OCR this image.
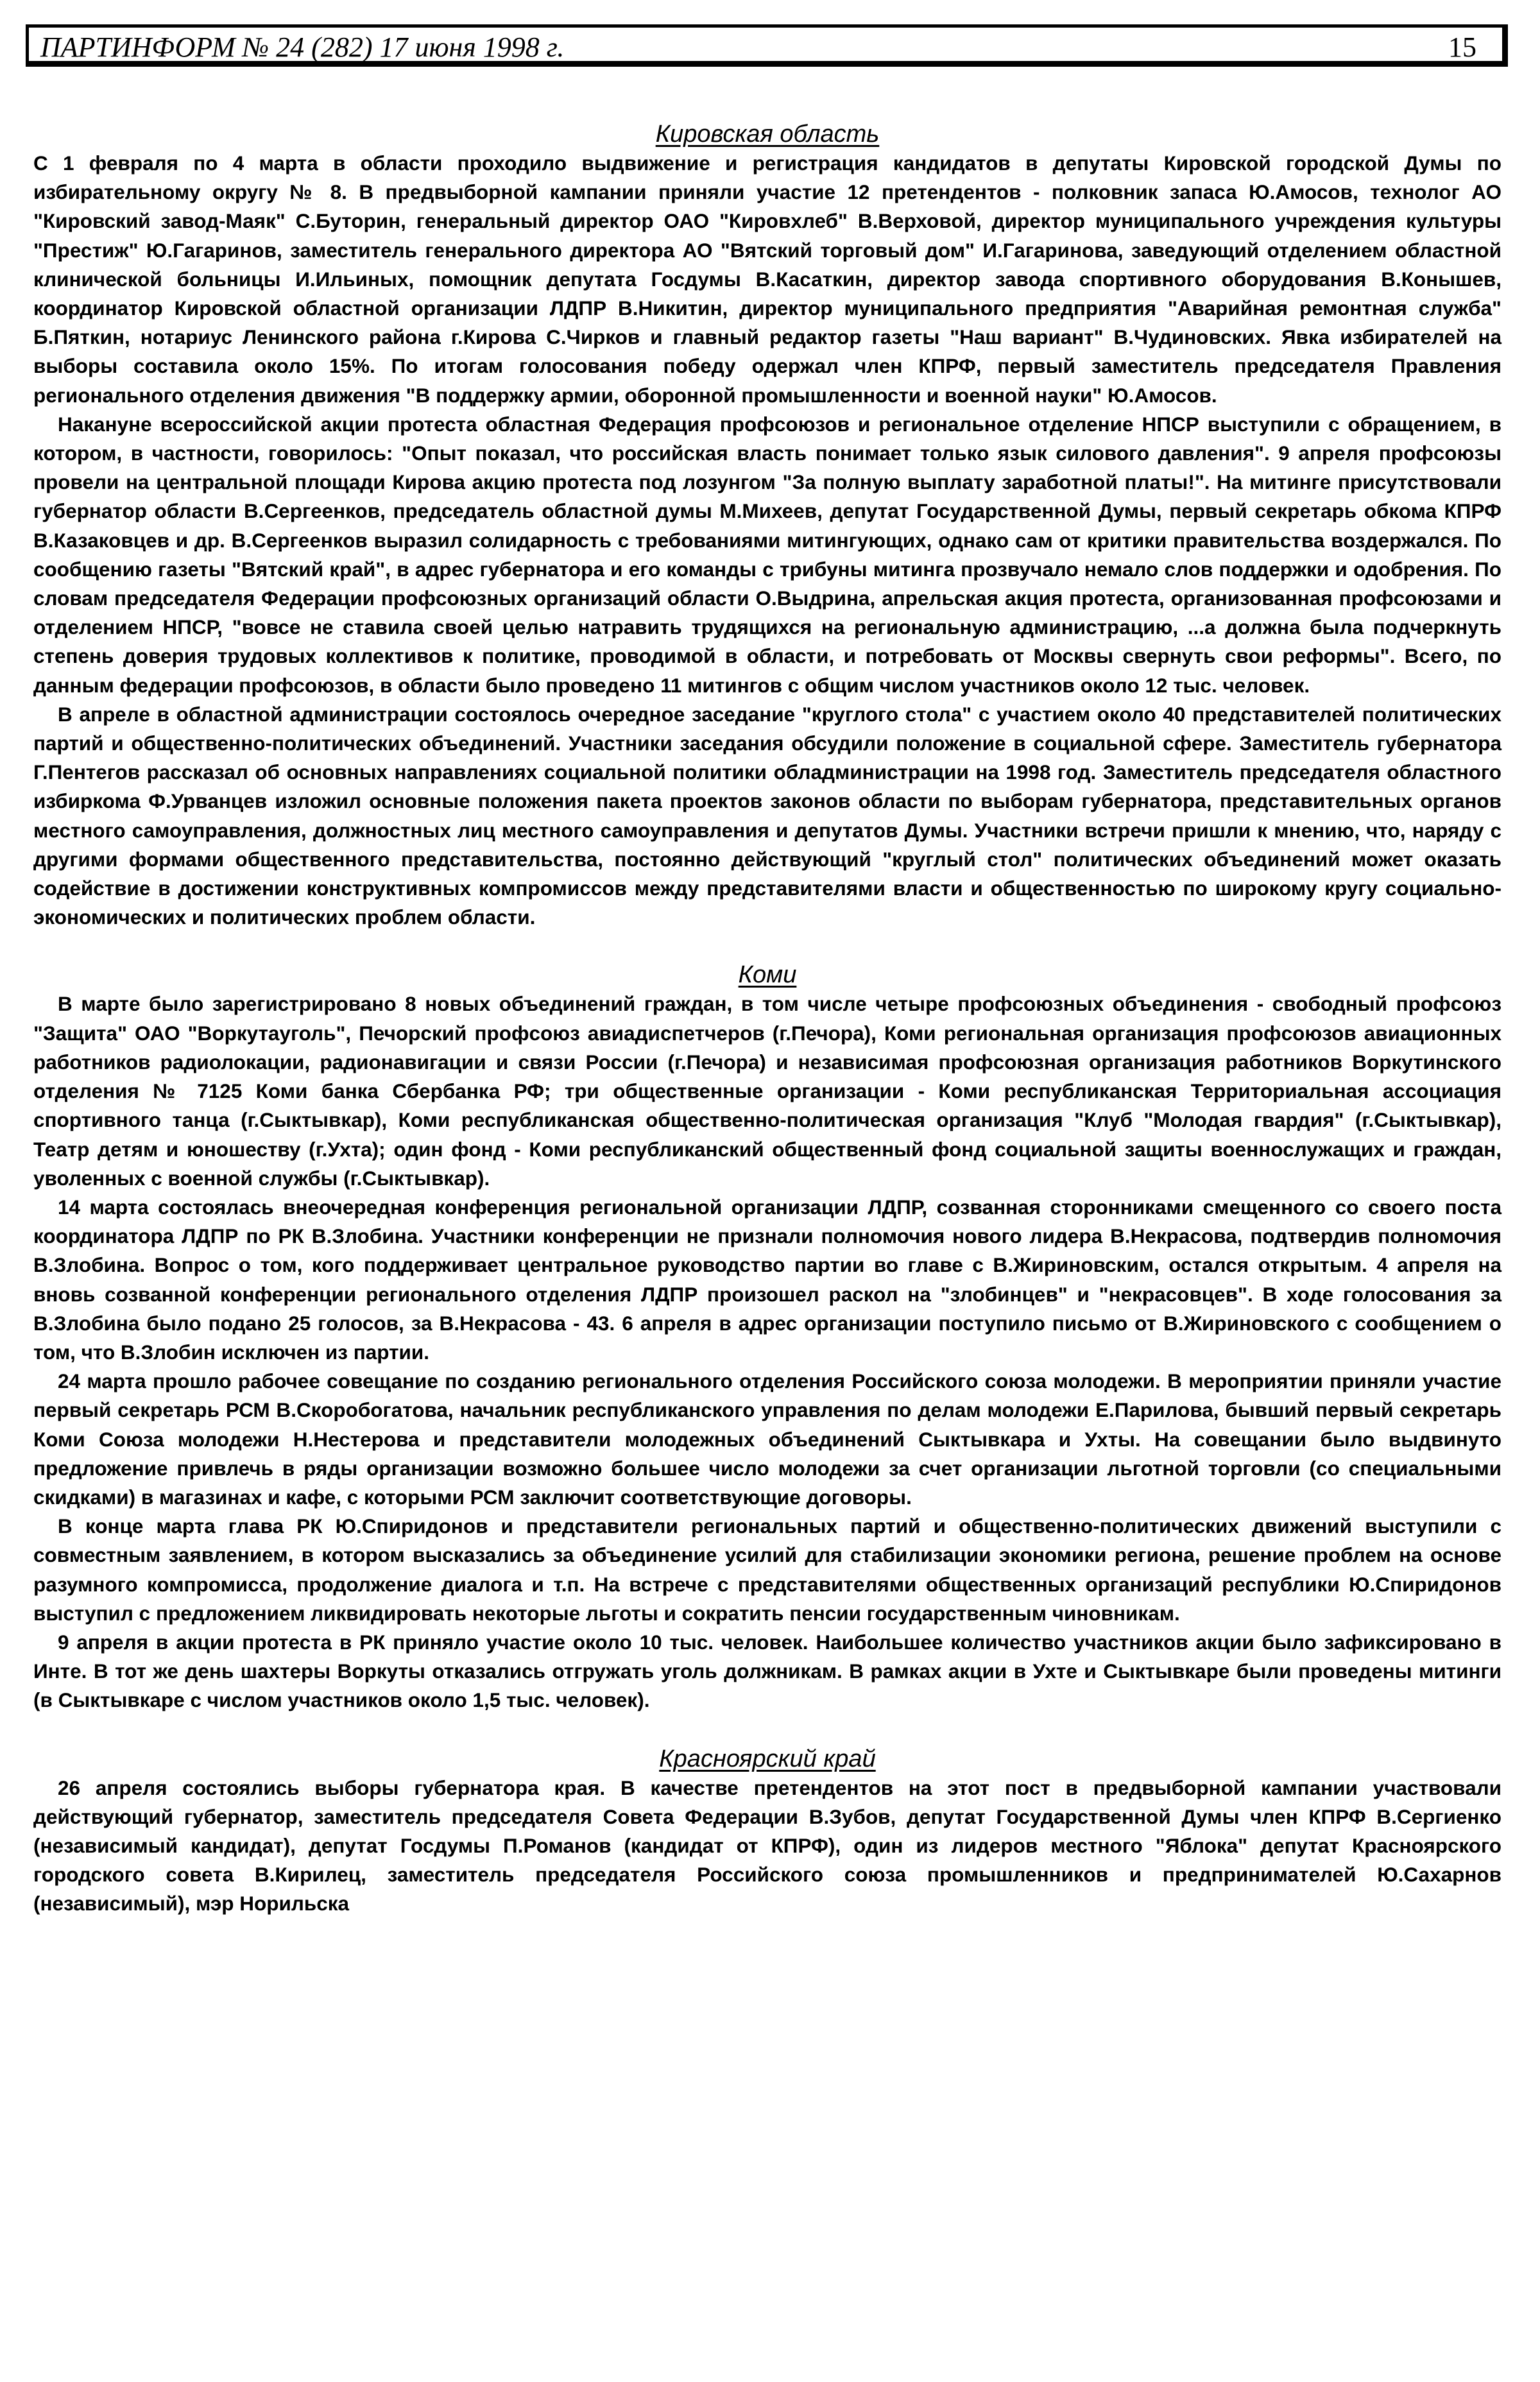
ПАРТИНФОРМ № 24 (282) 17 июня 1998 г.	15
Кировская область

С 1 февраля по 4 марта в области проходило выдвижение и регистрация кандидатов в депутаты Кировской городской Думы по избирательному округу № 8. В предвыборной кампании приняли участие 12 претендентов - полковник запаса Ю.Амосов, технолог АО "Кировский завод-Маяк" С.Буторин, генеральный директор ОАО "Кировхлеб" В.Верховой, директор муниципального учреждения культуры "Престиж" Ю.Гагаринов, заместитель генерального директора АО "Вятский торговый дом" И.Гагаринова, заведующий отделением областной клинической больницы И.Ильиных, помощник депутата Госдумы В.Касаткин, директор завода спортивного оборудования В.Конышев, координатор Кировской областной организации ЛДПР В.Никитин, директор муниципального предприятия "Аварийная ремонтная служба" Б.Пяткин, нотариус Ленинского района г.Кирова С.Чирков и главный редактор газеты "Наш вариант" В.Чудиновских. Явка избирателей на выборы составила около 15%. По итогам голосования победу одержал член КПРФ, первый заместитель председателя Правления регионального отделения движения "В поддержку армии, оборонной промышленности и военной науки" Ю.Амосов.

Накануне всероссийской акции протеста областная Федерация профсоюзов и региональное отделение НПСР выступили с обращением, в котором, в частности, говорилось: "Опыт показал, что российская власть понимает только язык силового давления". 9 апреля профсоюзы провели на центральной площади Кирова акцию протеста под лозунгом "За полную выплату заработной платы!". На митинге присутствовали губернатор области В.Сергеенков, председатель областной думы М.Михеев, депутат Государственной Думы, первый секретарь обкома КПРФ В.Казаковцев и др. В.Сергеенков выразил солидарность с требованиями митингующих, однако сам от критики правительства воздержался. По сообщению газеты "Вятский край", в адрес губернатора и его команды с трибуны митинга прозвучало немало слов поддержки и одобрения. По словам председателя Федерации профсоюзных организаций области О.Выдрина, апрельская акция протеста, организованная профсоюзами и отделением НПСР, "вовсе не ставила своей целью натравить трудящихся на региональную администрацию, ...а должна была подчеркнуть степень доверия трудовых коллективов к политике, проводимой в области, и потребовать от Москвы свернуть свои реформы". Всего, по данным федерации профсоюзов, в области было проведено 11 митингов с общим числом участников около 12 тыс. человек.

В апреле в областной администрации состоялось очередное заседание "круглого стола" с участием около 40 представителей политических партий и общественно-политических объединений. Участники заседания обсудили положение в социальной сфере. Заместитель губернатора Г.Пентегов рассказал об основных направлениях социальной политики обладминистрации на 1998 год. Заместитель председателя областного избиркома Ф.Урванцев изложил основные положения пакета проектов законов области по выборам губернатора, представительных органов местного самоуправления, должностных лиц местного самоуправления и депутатов Думы. Участники встречи пришли к мнению, что, наряду с другими формами общественного представительства, постоянно действующий "круглый стол" политических объединений может оказать содействие в достижении конструктивных компромиссов между представителями власти и общественностью по широкому кругу социально-экономических и политических проблем области.

Коми

В марте было зарегистрировано 8 новых объединений граждан, в том числе четыре профсоюзных объединения - свободный профсоюз "Защита" ОАО "Воркутауголь", Печорский профсоюз авиадиспетчеров (г.Печора), Коми региональная организация профсоюзов авиационных работников радиолокации, радионавигации и связи России (г.Печора) и независимая профсоюзная организация работников Воркутинского отделения № 7125 Коми банка Сбербанка РФ; три общественные организации - Коми республиканская Территориальная ассоциация спортивного танца (г.Сыктывкар), Коми республиканская общественно-политическая организация "Клуб "Молодая гвардия" (г.Сыктывкар), Театр детям и юношеству (г.Ухта); один фонд - Коми республиканский общественный фонд социальной защиты военнослужащих и граждан, уволенных с военной службы (г.Сыктывкар).

14 марта состоялась внеочередная конференция региональной организации ЛДПР, созванная сторонниками смещенного со своего поста координатора ЛДПР по РК В.Злобина. Участники конференции не признали полномочия нового лидера В.Некрасова, подтвердив полномочия В.Злобина. Вопрос о том, кого поддерживает центральное руководство партии во главе с В.Жириновским, остался открытым. 4 апреля на вновь созванной конференции регионального отделения ЛДПР произошел раскол на "злобинцев" и "некрасовцев". В ходе голосования за В.Злобина было подано 25 голосов, за В.Некрасова - 43. 6 апреля в адрес организации поступило письмо от В.Жириновского с сообщением о том, что В.Злобин исключен из партии.

24 марта прошло рабочее совещание по созданию регионального отделения Российского союза молодежи. В мероприятии приняли участие первый секретарь РСМ В.Скоробогатова, начальник республиканского управления по делам молодежи Е.Парилова, бывший первый секретарь Коми Союза молодежи Н.Нестерова и представители молодежных объединений Сыктывкара и Ухты. На совещании было выдвинуто предложение привлечь в ряды организации возможно большее число молодежи за счет организации льготной торговли (со специальными скидками) в магазинах и кафе, с которыми РСМ заключит соответствующие договоры.

В конце марта глава РК Ю.Спиридонов и представители региональных партий и общественно-политических движений выступили с совместным заявлением, в котором высказались за объединение усилий для стабилизации экономики региона, решение проблем на основе разумного компромисса, продолжение диалога и т.п. На встрече с представителями общественных организаций республики Ю.Спиридонов выступил с предложением ликвидировать некоторые льготы и сократить пенсии государственным чиновникам.

9 апреля в акции протеста в РК приняло участие около 10 тыс. человек. Наибольшее количество участников акции было зафиксировано в Инте. В тот же день шахтеры Воркуты отказались отгружать уголь должникам. В рамках акции в Ухте и Сыктывкаре были проведены митинги (в Сыктывкаре с числом участников около 1,5 тыс. человек).

Красноярский край

26 апреля состоялись выборы губернатора края. В качестве претендентов на этот пост в предвыборной кампании участвовали действующий губернатор, заместитель председателя Совета Федерации В.Зубов, депутат Государственной Думы член КПРФ В.Сергиенко (независимый кандидат), депутат Госдумы П.Романов (кандидат от КПРФ), один из лидеров местного "Яблока" депутат Красноярского городского совета В.Кирилец, заместитель председателя Российского союза промышленников и предпринимателей Ю.Сахарнов (независимый), мэр Норильска
